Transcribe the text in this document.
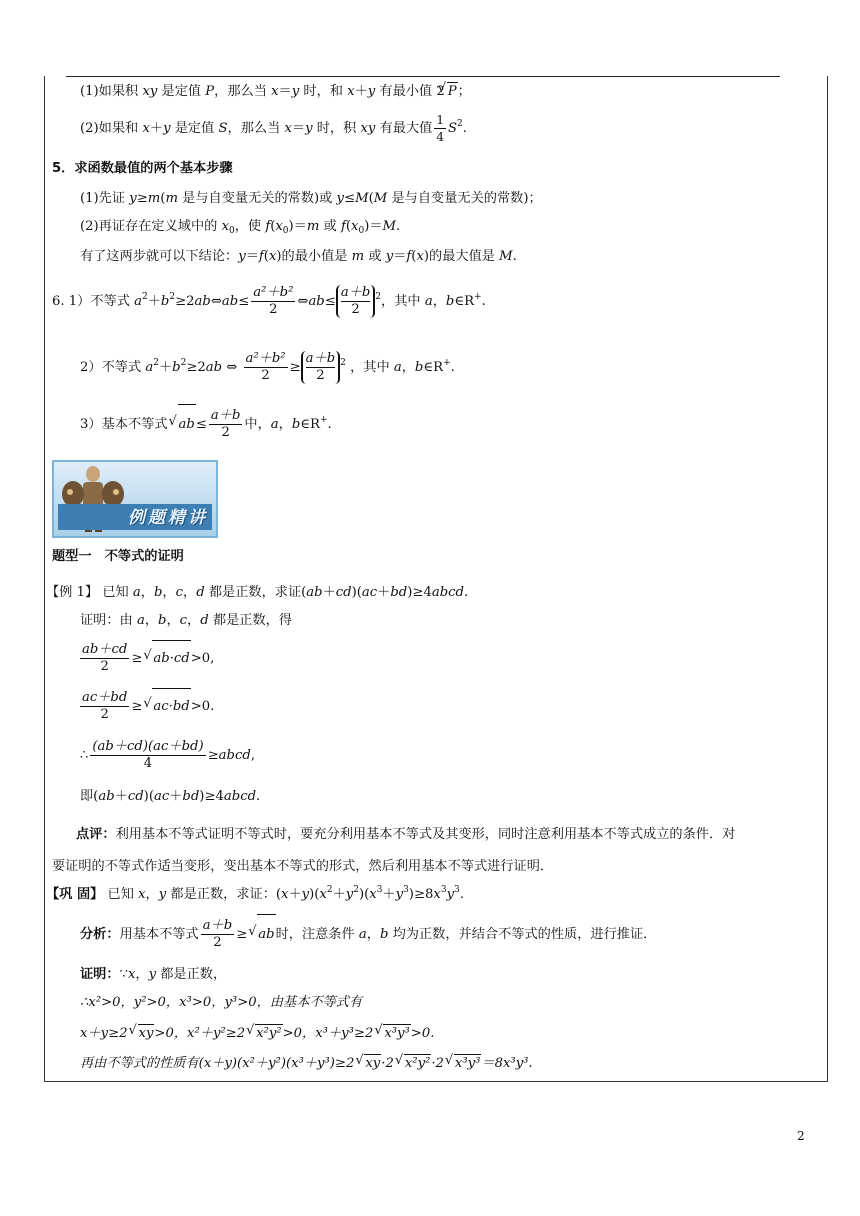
(1)如果积 xy 是定值 P，那么当 x＝y 时，和 x＋y 有最小值 2 √ P；
(2)如果和 x＋y 是定值 S，那么当 x＝y 时，积 xy 有最大值 $\frac{1}{4} S^2$.
5．求函数最值的两个基本步骤
(1)先证 y≥m(m 是与自变量无关的常数)或 y≤M(M 是与自变量无关的常数)；
(2)再证存在定义域中的 $x_0$，使 $f(x_0)=m$ 或 $f(x_0)=M$.
有了这两步就可以下结论：y＝f(x)的最小值是 m 或 y＝f(x)的最大值是 M.
6. 1）不等式 $a^2+b^2\ge 2ab\Leftrightarrow ab\le \frac{\text{a²＋b²}}{2}$ ⇔ab≤ $\frac{a+b}{2} ^2$，其中 a，b∈R+.
2）不等式 $a^2+b^2\ge 2ab$ ⇔ $\frac{\text{a²＋b²}}{2} \ge \frac{a+b}{2} ^2$ ，其中 a，b∈R+.
3）基本不等式 √ $ab\le \frac{a+b}{2}$ 中，a，b∈R+.
例题精讲
题型一　不等式的证明
【例 1】 已知 a，b，c，d 都是正数，求证(ab＋cd)(ac＋bd)≥4abcd.
证明：由 a，b，c，d 都是正数，得
$\frac{ab+cd}{2}$ ≥ √ ab·cd>0,
$\frac{ac+bd}{2}$ ≥ √ ac·bd>0.
∴ $\frac{(ab+cd)(ac+bd)}{4}$ ≥abcd,
即(ab＋cd)(ac＋bd)≥4abcd.
点评：利用基本不等式证明不等式时，要充分利用基本不等式及其变形，同时注意利用基本不等式成立的条件．对
要证明的不等式作适当变形，变出基本不等式的形式，然后利用基本不等式进行证明．
【巩 固】 已知 x，y 都是正数，求证：$(x+y)(x^2+y^2)(x^3+y^3)\ge 8x^3y^3$.
分析：用基本不等式 $\frac{a+b}{2}$ ≥ √ ab时，注意条件 a，b 均为正数，并结合不等式的性质，进行推证．
证明：∵x，y 都是正数，
∴x²>0，y²>0，x³>0，y³>0，由基本不等式有
x＋y≥2 √ xy>0，x²＋y²≥2 √ x²y²>0，x³＋y³≥2 √ x³y³>0.
再由不等式的性质有(x＋y)(x²＋y²)(x³＋y³)≥2 √ xy·2 √ x²y²·2 √ x³y³＝8x³y³.
2
